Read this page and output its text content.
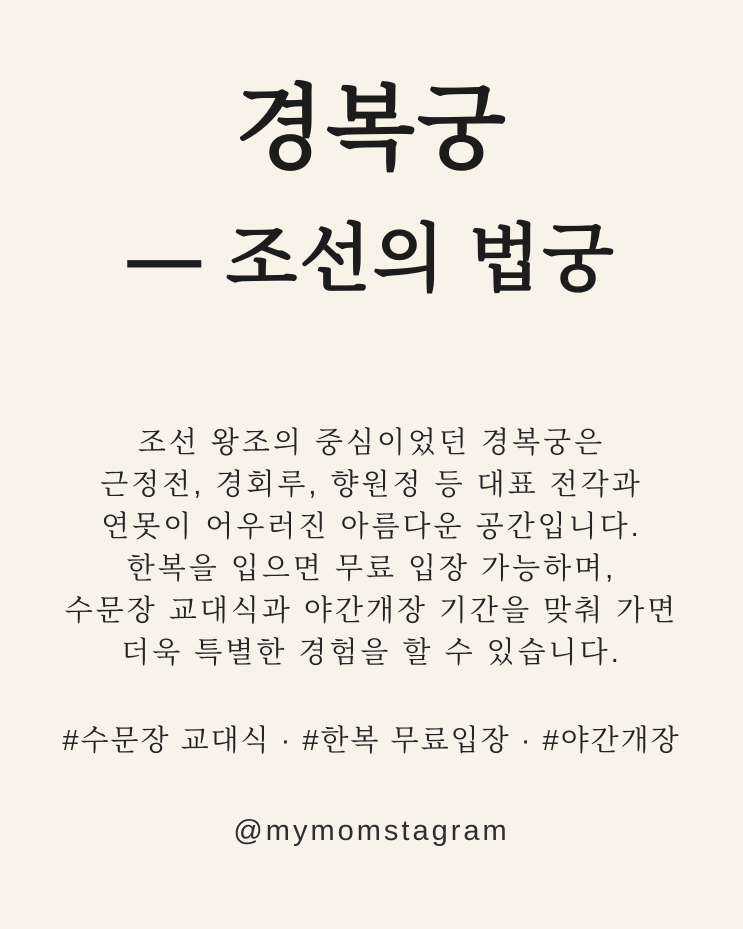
경복궁
— 조선의 법궁
조선 왕조의 중심이었던 경복궁은
근정전, 경회루, 향원정 등 대표 전각과
연못이 어우러진 아름다운 공간입니다.
한복을 입으면 무료 입장 가능하며,
수문장 교대식과 야간개장 기간을 맞춰 가면
더욱 특별한 경험을 할 수 있습니다.
#수문장 교대식 · #한복 무료입장 · #야간개장
@mymomstagram
